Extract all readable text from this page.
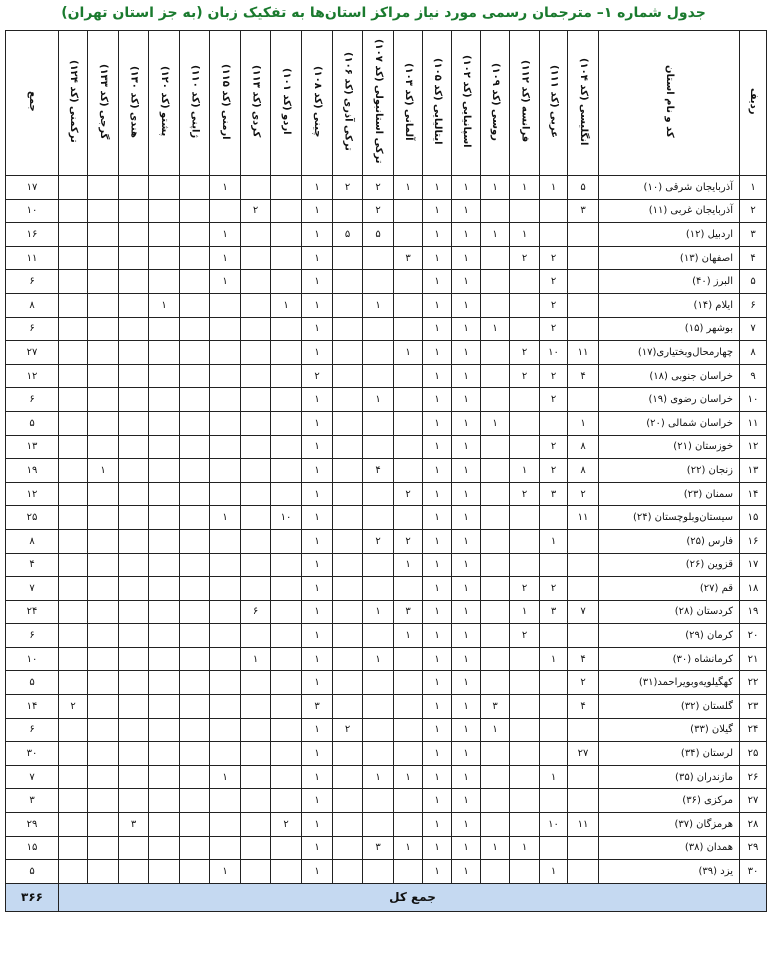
جدول شماره ۱– مترجمان رسمی مورد نیاز مراکز استان‌ها به تفکیک زبان (به جز استان تهران)
ردیف	کد و نام استان	انگلیسی (کد ۱۰۴)	عربی (کد ۱۱۱)	فرانسه (کد ۱۱۲)	روسی (کد ۱۰۹)	اسپانیایی (کد ۱۰۲)	ایتالیایی (کد ۱۰۵)	آلمانی (کد ۱۰۳)	ترکی استانبولی (کد ۱۰۷)	ترکی آذری (کد ۱۰۶)	چینی (کد ۱۰۸)	اردو (کد ۱۰۱)	کردی (کد ۱۱۳)	ارمنی (کد ۱۱۵)	ژاپنی (کد ۱۱۰)	پشتو (کد ۱۲۰)	هندی (کد ۱۳۰)	گرجی (کد ۱۳۳)	ترکمنی (کد ۱۲۴)	جمع
۱	آذربایجان شرقی (۱۰)	۵	۱	۱	۱	۱	۱	۱	۲	۲	۱			۱						۱۷
۲	آذربایجان غربی (۱۱)	۳				۱	۱		۲		۱		۲							۱۰
۳	اردبیل (۱۲)			۱	۱	۱	۱		۵	۵	۱			۱						۱۶
۴	اصفهان (۱۳)		۲	۲		۱	۱	۳			۱			۱						۱۱
۵	البرز (۴۰)		۲			۱	۱				۱			۱						۶
۶	ایلام (۱۴)		۲			۱	۱		۱		۱	۱				۱				۸
۷	بوشهر (۱۵)		۲		۱	۱	۱				۱									۶
۸	چهارمحال‌وبختیاری(۱۷)	۱۱	۱۰	۲		۱	۱	۱			۱									۲۷
۹	خراسان جنوبی (۱۸)	۴	۲	۲		۱	۱				۲									۱۲
۱۰	خراسان رضوی (۱۹)		۲			۱	۱		۱		۱									۶
۱۱	خراسان شمالی (۲۰)	۱			۱	۱	۱				۱									۵
۱۲	خوزستان (۲۱)	۸	۲			۱	۱				۱									۱۳
۱۳	زنجان (۲۲)	۸	۲	۱		۱	۱		۴		۱							۱		۱۹
۱۴	سمنان (۲۳)	۲	۳	۲		۱	۱	۲			۱									۱۲
۱۵	سیستان‌وبلوچستان (۲۴)	۱۱				۱	۱				۱	۱۰		۱						۲۵
۱۶	فارس (۲۵)		۱			۱	۱	۲	۲		۱									۸
۱۷	قزوین (۲۶)					۱	۱	۱			۱									۴
۱۸	قم (۲۷)		۲	۲		۱	۱				۱									۷
۱۹	کردستان (۲۸)	۷	۳	۱		۱	۱	۳	۱		۱		۶							۲۴
۲۰	کرمان (۲۹)			۲		۱	۱	۱			۱									۶
۲۱	کرمانشاه (۳۰)	۴	۱			۱	۱		۱		۱		۱							۱۰
۲۲	کهگیلویه‌وبویراحمد(۳۱)	۲				۱	۱				۱									۵
۲۳	گلستان (۳۲)	۴			۳	۱	۱				۳								۲	۱۴
۲۴	گیلان (۳۳)				۱	۱	۱			۲	۱									۶
۲۵	لرستان (۳۴)	۲۷				۱	۱				۱									۳۰
۲۶	مازندران (۳۵)		۱			۱	۱	۱	۱		۱			۱						۷
۲۷	مرکزی (۳۶)					۱	۱				۱									۳
۲۸	هرمزگان (۳۷)	۱۱	۱۰			۱	۱				۱	۲					۳			۲۹
۲۹	همدان (۳۸)			۱	۱	۱	۱	۱	۳		۱									۱۵
۳۰	یزد (۳۹)		۱			۱	۱				۱			۱						۵
جمع کل																				۳۶۶
